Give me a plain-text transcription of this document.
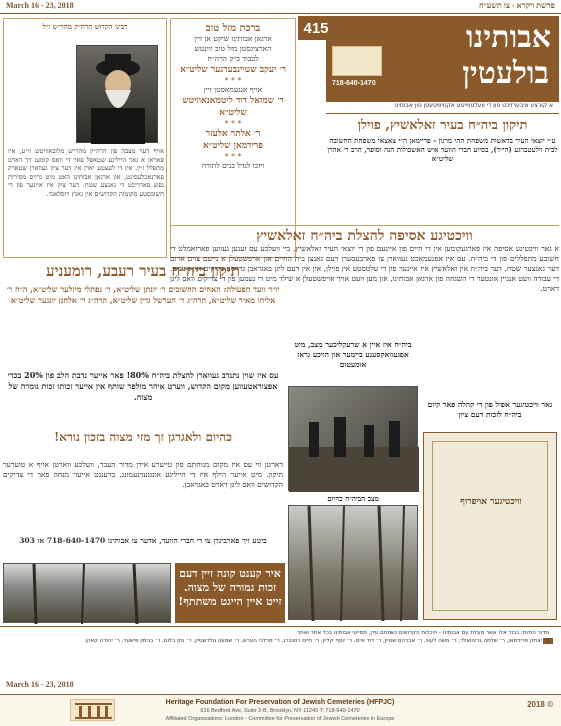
March 16 - 23, 2018	פרשת ויקרא - צו תשע״ח
אבותינו
בולעטין
718-640-1470
415
גליון
א קורצע איבערזיכט פון די וועלטווייטע אקטיוויטעטן פון אבותינו
ברכת מזל טוב
ארגאן אבותינו שיקט אן זיין
הארציגסטן מזל טוב ווינטש
לכבוד כ״ק הרה״ח
ר׳ יעקב שטיינבערגער שליט״א
* * *
אויף אנגעמאסטן זיין
ר׳ שמואל דוד ליטמאנאוויטש שליט״א
* * *
ר׳ אלתר אלעזר
פרידמאן שליט״א
* * *
ויזכו לגדל בנים לתורה
רבינו הקדוש הרה״ק מהר״ש ז״ל
אויף דער מצבה פון הרה״ק מהר״ש מלובאוויטש זי״ע, איז פאראן א גאר הייליגע שטאפל פאר די וואס קומען זיך דארט מתפלל זיין. אין די לעצטע יארן איז דער ציון געווארן שטארק פארנאכלעסיגט, און ארגאן אבותינו האט מיט גרויס מסירות נפש פארריכט די גאנצע שטח. דער ציון איז איינער פון די חשובסטע מקומות הקדושים אין גאנץ רוסלאנד.
תיקון ביה״ח בעיר זאלאשיץ, פוילן
ע״י יוצאי העיר בראשות משפחת ההי מרגון - פריימאן ה״י צאצאי משפחת החשובה לבית וילעטברגע (הי״ד), בסיוע חברי הוועד איש האשכולות הגה וסופר, הרב ר׳ אהרן שליט״א
וויכטיגע אסיפה להצלת ביה״ח זאלאשיץ
א גאר וויכטיגע אסיפה איז פארגעקומען אין די היים פון איינעם פון די יוצאי העיר זאלאשיץ, ביי וועלכע עס זענען געווען פארזאמלט די חשובע מתפללים פון די ביה״ח. עס איז אפגעמאכט געווארן צו פארבעסערן דעם גאנצן בית החיים און אויפשטעלן א נייעם צוים ארום דער גאנצער שטח. דער ביה״ח אין זאלאשיץ איז איינער פון די עלטסטע אין פוילן, און אין דעם ליגן באגראבן גרויסע צדיקים און גאונים. די עבודה וועט אנגיין אונטער די השגחה פון ארגאן אבותינו, און מען וועט אויך אויפשטעלן א שילד מיט די נעמען פון די צדיקים וואס ליגן דארט.
תיקון ביה״ח בעיר רעבע, רומעניע
יו״ד וועד הפעולה: האחים החשובים ר׳ יונתן שליט״א, ר׳ נפתלי מיזלער שליט״א, ה״ה ר׳ אליהו מאיר שליט״א, הרה״ג ר׳ הערשל גרין שליט״א, הרה״ג ר׳ אלחנן יונגער שליט״א
עס איז שוין נתנדב געווארן להצלת ביה״ח 80%! פאר אייער נדבת הלב פון 20% בכדי אפצוראטעווען מקום הקדוש, ווערט איהר מולפר שותף אין אייער זכותו זכות גומרה של מצוה.
כהיום ולאגרגן זך מזי מצוה בזכון נורא!
דארטן ווי עס איז מקום מנוחתם פון טייערע אידן מדור העבר, וועלכע ווארטן אויף א טוערער תיקון. מיט אייער הילף איז די הייליגע אונטערנעמונג, ברענגט אייער מנחה פאר די צדיקים הקדושים וואס ליגן דארט באגראבן.
ביטע זיך פארבינדן צו די חברי הוועד, אדער צו אבותינו 718-640-1470 או 303
ביה״ח איז איין א שרעקליכער מצב, מיט אפגעוואקסענע ביימער און הויכע גראז אומעטום
מצב הביה״ח כהיום
גאר וויכטיגער אפיל פון די קהלה פאר קיום ביה״ח לזכות דעם ציון
וויכטיגער אויפרוף
איר קענט קונה זיין דעם זכות גמורה של מצוה. זייט איין הייגט משתתף!
מדור הודות: כבוד אלו אשר מעלת עם אבותינו - היכלות הקדושים נשמתם עדן, מסייעי אבותינו בכל אתר ואתר
ר׳ יצחק פרידמאן, ר׳ שלמה גרינוואלד, ר׳ משה לעווי, ר׳ אברהם שטיין, ר׳ דוד ווייס, ר׳ יוסף קליין, ר׳ חיים רוזנברג, ר׳ מרדכי הערש, ר׳ שמעון גולדשטיין, ר׳ נתן בלום, ר׳ בנימין פישער, ר׳ יהודה קאהן
March 16 - 23, 2018
Heritage Foundation For Preservation of Jewish Cemeteries (HFPJC)
616 Bedford Ave, Suite 2-B, Brooklyn, NY 11249 T: 718-640-1470
Affiliated Organizations: London - Committee for Preservation of Jewish Cemeteries in Europe
2018 ©
